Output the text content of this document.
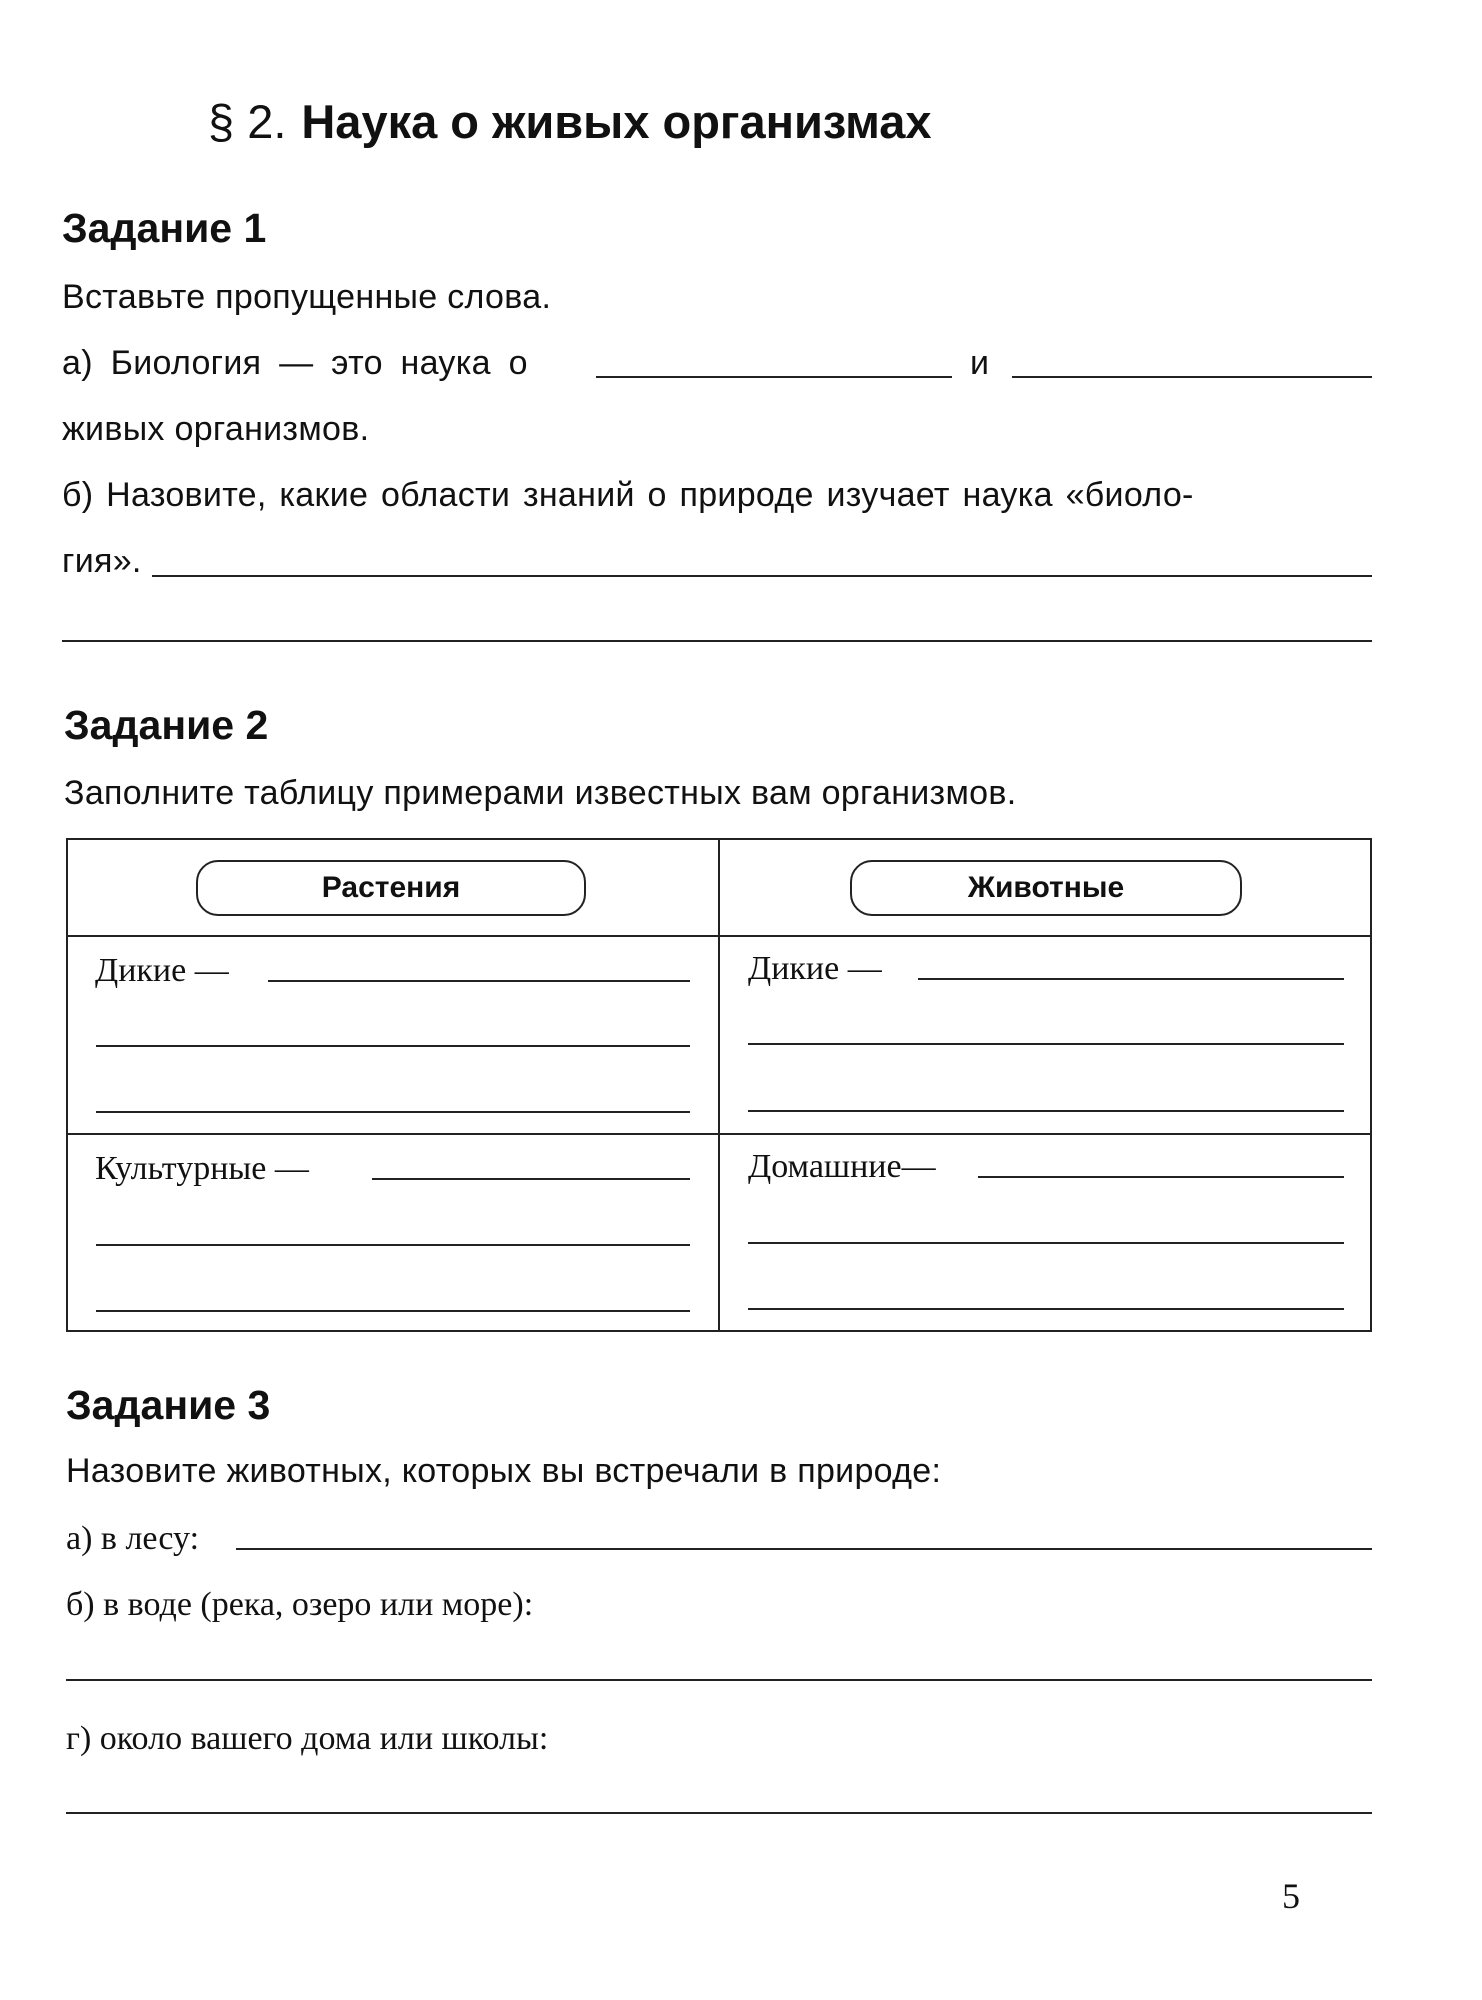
§ 2. Наука о живых организмах
Задание 1
Вставьте пропущенные слова.
а) Биология — это наука о	и
живых организмов.
б) Назовите, какие области знаний о природе изучает наука «биоло-
гия».
Задание 2
Заполните таблицу примерами известных вам организмов.
Растения	Животные
Дикие —	Дикие —
Культурные —	Домашние—
Задание 3
Назовите животных, которых вы встречали в природе:
а) в лесу:
б) в воде (река, озеро или море):
г) около вашего дома или школы:
5
